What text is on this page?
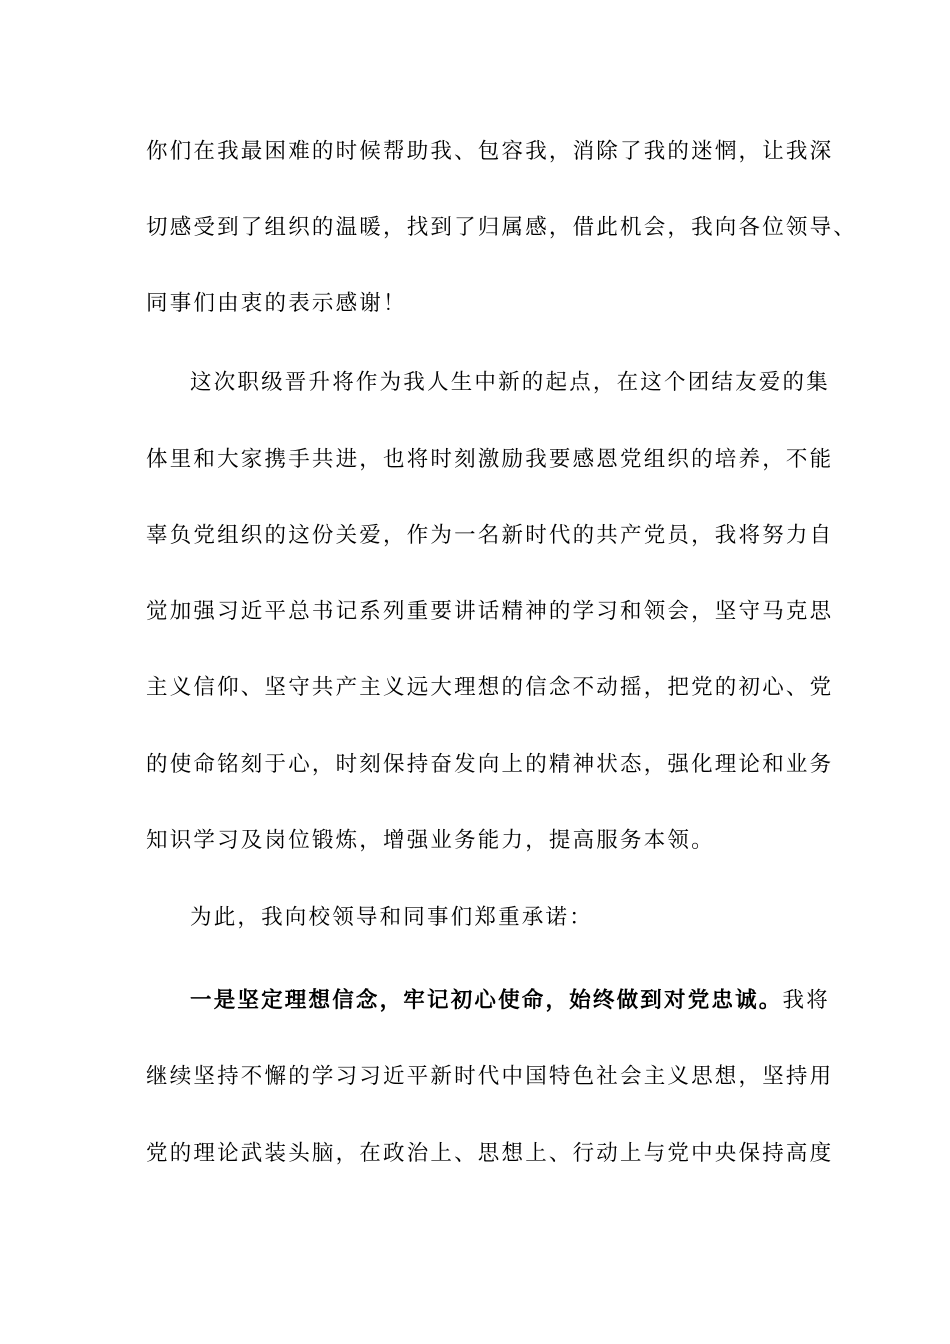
你们在我最困难的时候帮助我、包容我，消除了我的迷惘，让我深
切感受到了组织的温暖，找到了归属感，借此机会，我向各位领导、
同事们由衷的表示感谢！
这次职级晋升将作为我人生中新的起点，在这个团结友爱的集
体里和大家携手共进，也将时刻激励我要感恩党组织的培养，不能
辜负党组织的这份关爱，作为一名新时代的共产党员，我将努力自
觉加强习近平总书记系列重要讲话精神的学习和领会，坚守马克思
主义信仰、坚守共产主义远大理想的信念不动摇，把党的初心、党
的使命铭刻于心，时刻保持奋发向上的精神状态，强化理论和业务
知识学习及岗位锻炼，增强业务能力，提高服务本领。
为此，我向校领导和同事们郑重承诺：
一是坚定理想信念，牢记初心使命，始终做到对党忠诚。我将
继续坚持不懈的学习习近平新时代中国特色社会主义思想，坚持用
党的理论武装头脑，在政治上、思想上、行动上与党中央保持高度
